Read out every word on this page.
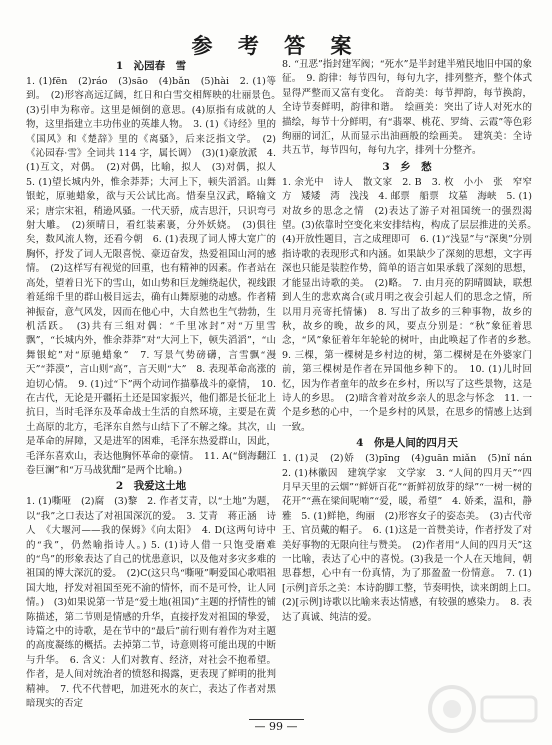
参 考 答 案
1　沁园春　雪
1. (1)fēn　(2)ráo　(3)sāo　(4)bǎn　(5)hài　2. (1)等到。　(2)形容高远辽阔，红日和白雪交相辉映的壮丽景色。　(3)引申为称帝。这里是倾倒的意思。(4)原指有成就的人物，这里指建立丰功伟业的英雄人物。　3. (1)《诗经》里的《国风》和《楚辞》里的《离骚》，后来泛指文学。　(2)《沁园春·雪》全词共 114 字，属长调）　(3)(1)豪放派　4. (1)互文，对偶。　(2)对偶，比喻，拟人　(3)对偶，拟人　5. (1)望长城内外，惟余莽莽；大河上下，顿失滔滔。山舞银蛇，原驰蜡象，欲与天公试比高。惜秦皇汉武，略输文采；唐宗宋祖，稍逊风骚。一代天骄，成吉思汗，只识弯弓射大雕。　(2)须晴日，看红装素裹，分外妖娆。　(3)俱往矣，数风流人物，还看今朝　6. (1)表现了词人博大宽广的胸怀，抒发了词人无限喜悦、豪迈奋发，热爱祖国山河的感情。　(2)这样写有视觉的回重，也有精神的因素。作者站在高处，望着日光下的雪山，如山势和巨龙缠绕起伏，视线跟着延绵千里的群山极目远去，确有山舞原驰的动感。作者精神振奋，意气风发，因而在他心中，大自然也生气勃勃，生机活跃。　(3)共有三组对偶：“千里冰封”对“万里雪飘”，“长城内外，惟余莽莽”对“大河上下，顿失滔滔”，“山舞银蛇”对“原驰蜡象”　7. 写景气势磅礴，言雪飘“漫天”“莽漠”，言山则“高”，言天则“大”　8. 表现革命高涨的迫切心情。　9. (1)过“下”两个动词作描摹战斗的豪情，　10. 在古代，无论是开疆拓土还是国家振兴，他们都是长征北上抗日，当时毛泽东及革命战士生活的自然环境，主要是在黄土高原的北方，毛泽东自然与山结下了不解之缘。其次，山是革命的屏障，又是进军的困难，毛泽东热爱群山，因此，毛泽东喜欢山，表达他胸怀革命的豪情。　11. A(“倒海翻江卷巨澜”和“万马战犹酣”是两个比喻。)
2　我爱这土地
1. (1)嘶哑　(2)腐　(3)黎　2. 作者艾青，以“土地”为题，以“我”之口表达了对祖国深沉的爱。　3. 艾青　蒋正涵　诗人　《大堰河——我的保姆》《向太阳》　4. D(这两句诗中的“我”，仍然喻指诗人。) 5. (1)诗人借一只饱受磨难的“鸟”的形象表达了自己的忧患意识，以及他对多灾多难的祖国的博大深沉的爱。　(2)C(这只鸟“嘶哑”啊爱国心歌唱祖国大地，抒发对祖国至死不渝的情怀，而不是可怜，让人同情。)　(3)如果说第一节是“爱土地(祖国)”主题的抒情性的铺陈描述，第二节则是情感的升华，直接抒发对祖国的挚爱，诗篇之中的诗歌，是在节中的“最后”前行则有着作为对主题的高度凝练的概括。去掉第二节，诗意则将可能出现的中断与升华。　6. 含义：人们对教育、经济，对社会不抱希望。作者，是人间对统治者的愤怒和揭露，更表现了鲜明的批判精神。　7. 代不代替吧，加进死水的灰亡，表达了作者对黑暗现实的否定
8. “丑恶”指封建军阀；“死水”是半封建半殖民地旧中国的象征。　9. 韵律：每节四句，每句九字，排列整齐，整个体式显得严整而又富有变化。　音韵美：每节押韵，每节换韵，全诗节奏鲜明，韵律和谐。　绘画美：突出了诗人对死水的描绘，每节十分鲜明，有“翡翠、桃花、罗绮、云霞”等色彩绚丽的词汇，从而显示出油画般的绘画美。　建筑美：全诗共五节，每节四句，每句九字，排列十分整齐。
3　乡　愁
1. 余光中　诗人　散文家　2. B　3. 枚　小小　张　窄窄　方　矮矮　湾　浅浅　4. 邮票　船票　坟墓　海峡　5. (1)对故乡的思念之情　(2)表达了游子对祖国统一的强烈渴望。(3)依靠时空变化来安排结构，构成了层层推进的关系。　(4)开放性题目，言之成理即可　6. (1)“浅显”与“深奥”分别指诗歌的表现形式和内涵。如果缺少了深刻的思想，文字再深也只能是装腔作势，简单的语言如果承载了深刻的思想，才能显出诗歌的美。　(2)略。　7. 由月亮的阴晴圆缺，联想到人生的悲欢离合(或月明之夜会引起人们的思念之情，所以用月亮寄托情愫)　8. 写出了故乡的三种事物，故乡的秋，故乡的晚，故乡的风，要点分别是：“秋”象征着思念，“风”象征着年年轮轮的树叶，由此唤起了作者的乡愁。　9. 三棵，第一棵树是乡村边的树，第二棵树是在外婆家门前，第三棵树是作者在异国他乡种下的。　10. (1)儿时回忆，因为作者童年的故乡在乡村，所以写了这些景物，这是诗人的乡思。　(2)暗含着对故乡亲人的思念与怀念　11. 一个是乡愁的心中，一个是乡村的风景，在思乡的情感上达到一致。
4　你是人间的四月天
1. (1)灵　(2)娇　(3)pīng　(4)guān miǎn　(5)nǐ nán　2. (1)林徽因　建筑学家　文学家　3. “人间的四月天”“四月早天里的云烟”“鲜妍百花”“新鲜初放芽的绿”“一树一树的花开”“燕在梁间呢喃”“爱，暖，希望”　4. 娇柔，温和，静雅　5. (1)鲜艳，绚丽　(2)形容女子的姿态美。　(3)古代帝王、官员戴的帽子。　6. (1)这是一首赞美诗，作者抒发了对美好事物的无限向往与赞美。　(2)作者用“人间的四月天”这一比喻，表达了心中的喜悦。(3)我是一个人在天地间，朝思暮想，心中有一份真情，为了那盈盈一份情意。　7. (1)[示例]音乐之美：本诗韵脚工整，节奏明快，读来朗朗上口。　(2)[示例]诗歌以比喻来表达情感，有较强的感染力。　8. 表达了真诚、纯洁的爱。
— 99 —
